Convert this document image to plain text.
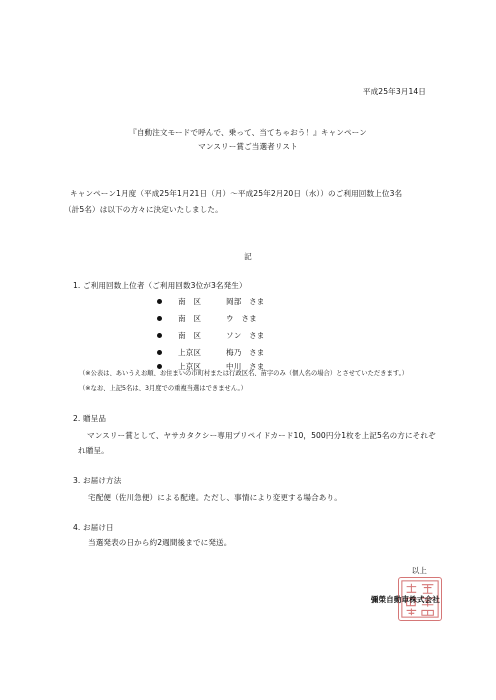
平成25年3月14日
『自動注文モードで呼んで、乗って、当てちゃおう！』キャンペーン
マンスリー賞ご当選者リスト
キャンペーン1月度（平成25年1月21日（月）～平成25年2月20日（水））のご利用回数上位3名
（計5名）は以下の方々に決定いたしました。
記
1. ご利用回数上位者（ご利用回数3位が3名発生）
南　区	岡部　さま
南　区	ウ　さま
南　区	ソン　さま
上京区	梅乃　さま
上京区	中川　さま
（※公表は、あいうえお順、お住まいの市町村または行政区名、苗字のみ（個人名の場合）とさせていただきます。）
（※なお、上記5名は、3月度での重複当選はできません。）
2. 贈呈品
マンスリー賞として、ヤサカタクシー専用プリペイドカード10，500円分1枚を上記5名の方にそれぞ
れ贈呈。
3. お届け方法
宅配便（佐川急便）による配達。ただし、事情により変更する場合あり。
4. お届け日
当選発表の日から約2週間後までに発送。
以上
彌榮自動車株式会社
